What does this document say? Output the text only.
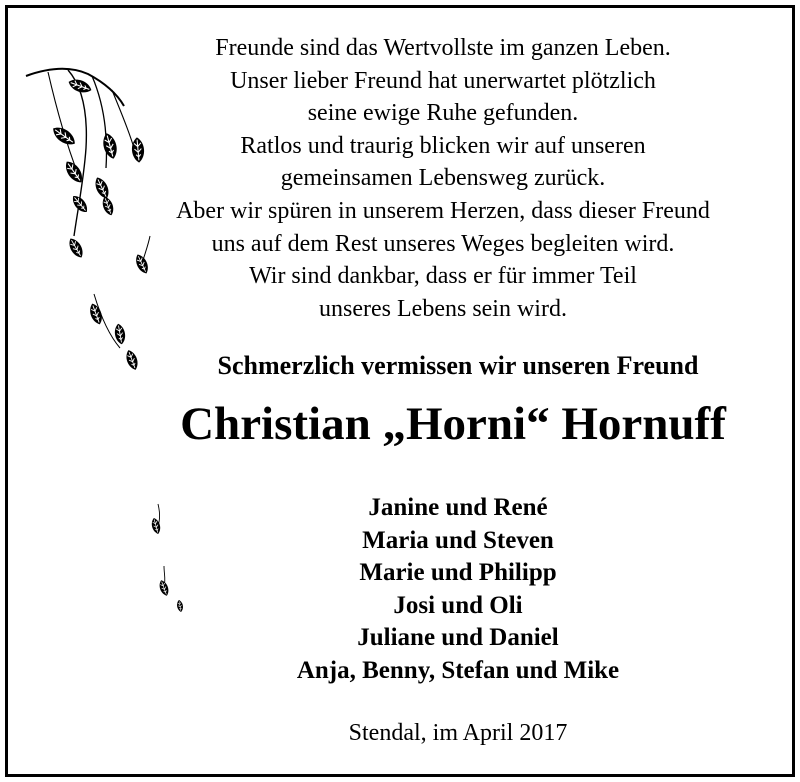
Freunde sind das Wertvollste im ganzen Leben.
Unser lieber Freund hat unerwartet plötzlich
seine ewige Ruhe gefunden.
Ratlos und traurig blicken wir auf unseren
gemeinsamen Lebensweg zurück.
Aber wir spüren in unserem Herzen, dass dieser Freund
uns auf dem Rest unseres Weges begleiten wird.
Wir sind dankbar, dass er für immer Teil
unseres Lebens sein wird.
Schmerzlich vermissen wir unseren Freund
Christian „Horni“ Hornuff
Janine und René
Maria und Steven
Marie und Philipp
Josi und Oli
Juliane und Daniel
Anja, Benny, Stefan und Mike
Stendal, im April 2017
